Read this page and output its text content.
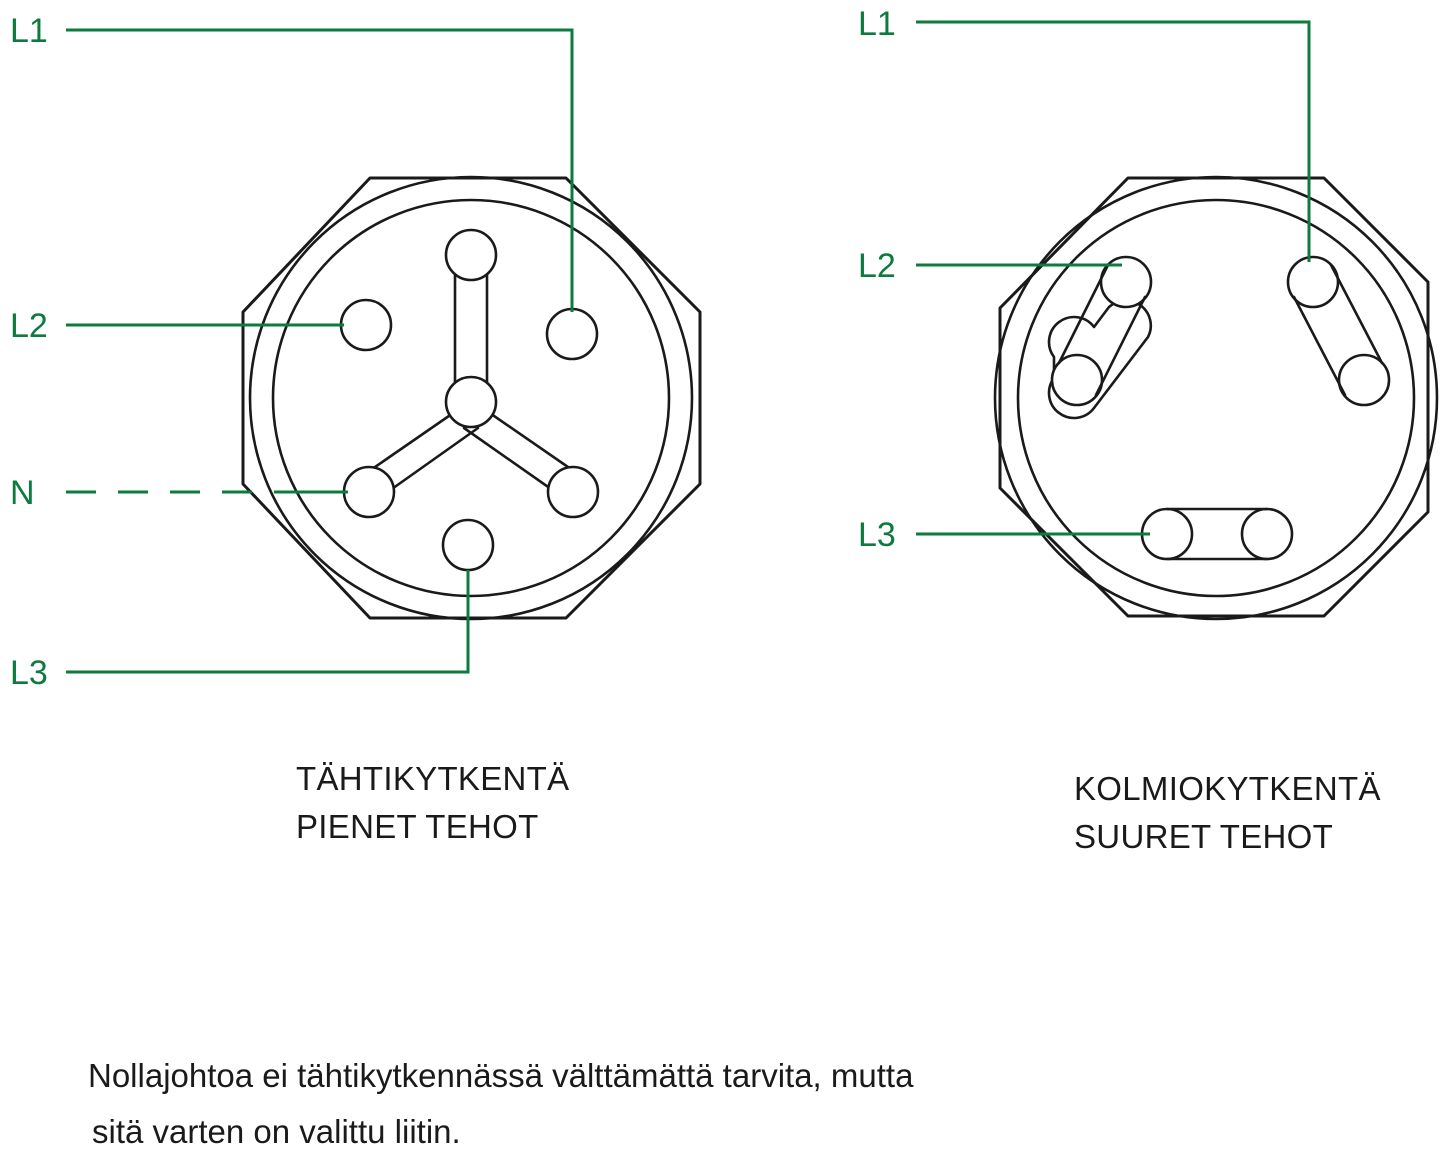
L1
L2
N
L3
TÄHTIKYTKENTÄ
PIENET TEHOT
L1
L2
L3
KOLMIOKYTKENTÄ
SUURET TEHOT
Nollajohtoa ei tähtikytkennässä välttämättä tarvita, mutta
sitä varten on valittu liitin.
